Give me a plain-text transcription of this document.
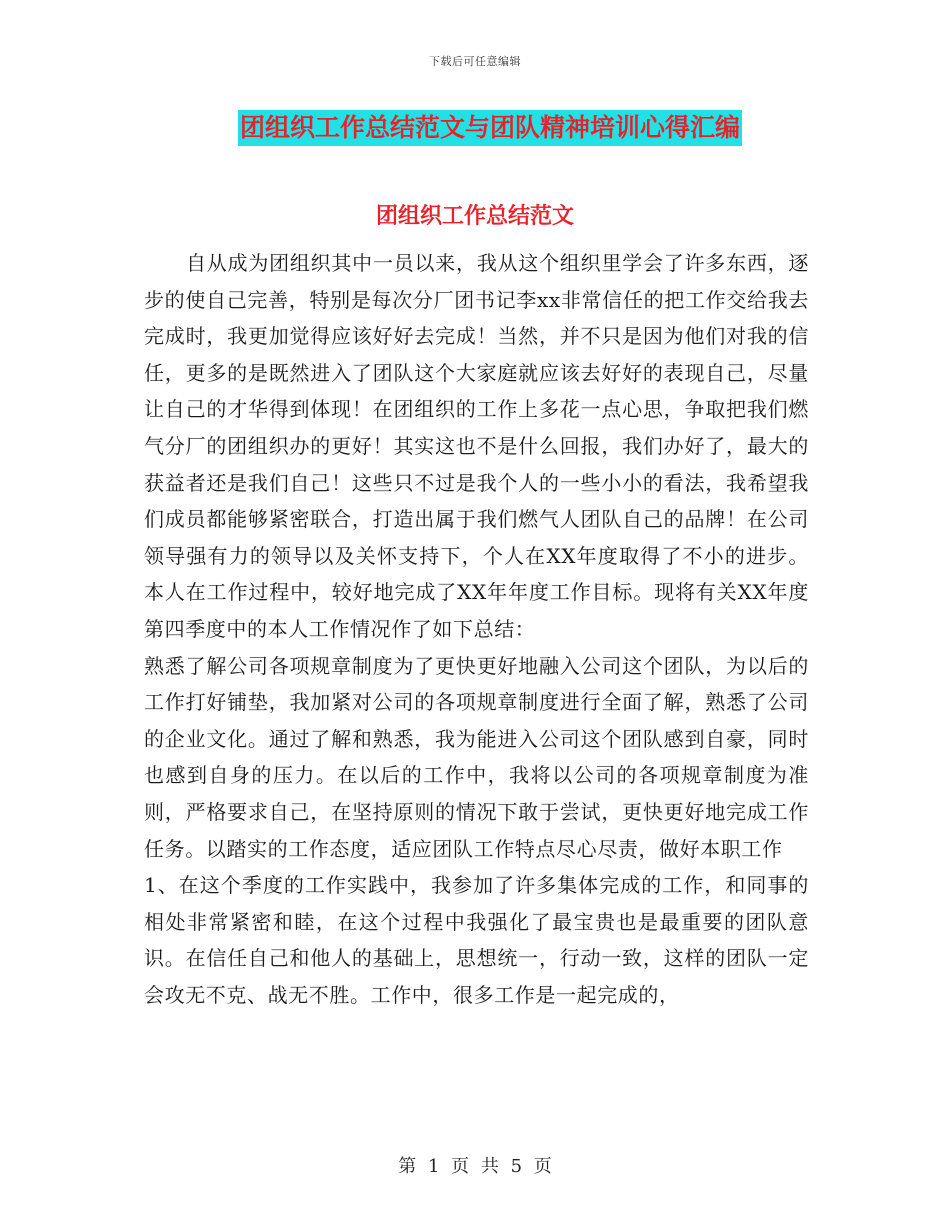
下载后可任意编辑
团组织工作总结范文与团队精神培训心得汇编
团组织工作总结范文

自从成为团组织其中一员以来，我从这个组织里学会了许多东西，逐步的使自己完善，特别是每次分厂团书记李xx非常信任的把工作交给我去完成时，我更加觉得应该好好去完成！当然，并不只是因为他们对我的信任，更多的是既然进入了团队这个大家庭就应该去好好的表现自己，尽量让自己的才华得到体现！在团组织的工作上多花一点心思，争取把我们燃气分厂的团组织办的更好！其实这也不是什么回报，我们办好了，最大的获益者还是我们自己！这些只不过是我个人的一些小小的看法，我希望我们成员都能够紧密联合，打造出属于我们燃气人团队自己的品牌！在公司领导强有力的领导以及关怀支持下，个人在XX年度取得了不小的进步。本人在工作过程中，较好地完成了XX年年度工作目标。现将有关XX年度第四季度中的本人工作情况作了如下总结：

熟悉了解公司各项规章制度为了更快更好地融入公司这个团队，为以后的工作打好铺垫，我加紧对公司的各项规章制度进行全面了解，熟悉了公司的企业文化。通过了解和熟悉，我为能进入公司这个团队感到自豪，同时也感到自身的压力。在以后的工作中，我将以公司的各项规章制度为准则，严格要求自己，在坚持原则的情况下敢于尝试，更快更好地完成工作任务。以踏实的工作态度，适应团队工作特点尽心尽责，做好本职工作

1、在这个季度的工作实践中，我参加了许多集体完成的工作，和同事的相处非常紧密和睦，在这个过程中我强化了最宝贵也是最重要的团队意识。在信任自己和他人的基础上，思想统一，行动一致，这样的团队一定会攻无不克、战无不胜。工作中，很多工作是一起完成的，

第 1 页 共 5 页
